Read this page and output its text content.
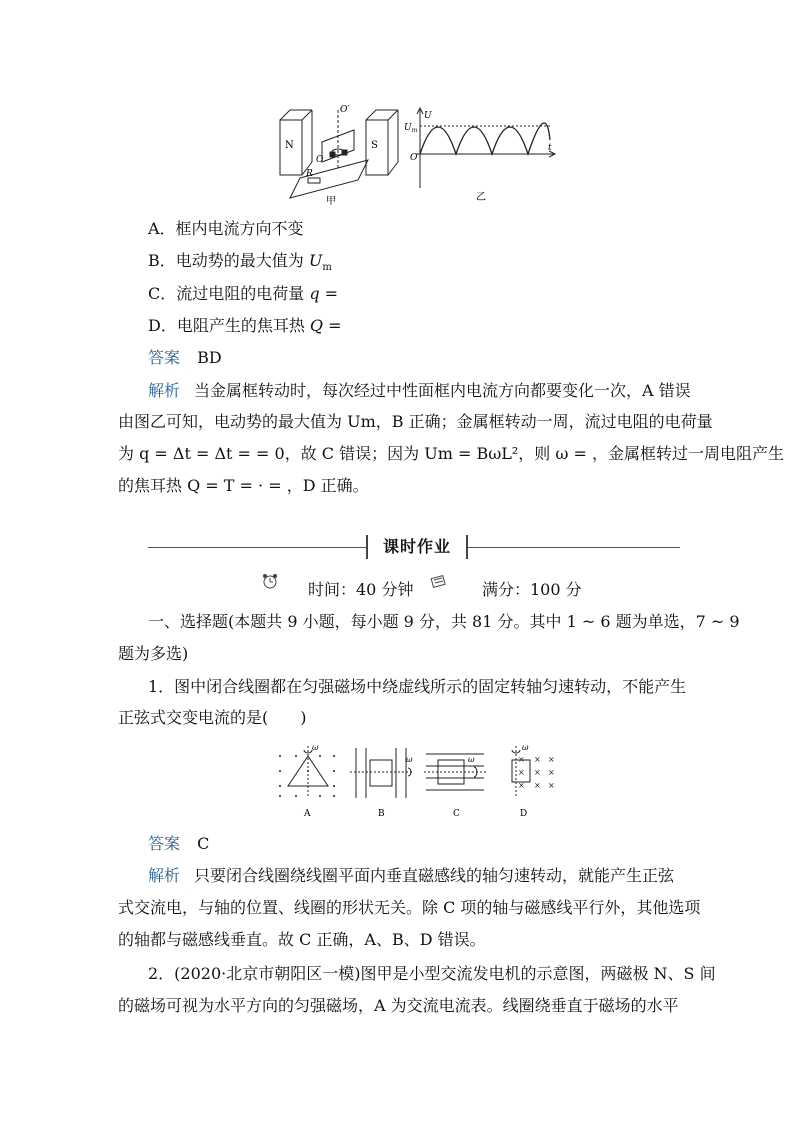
N	S
O′
O
R
甲
$U_m$
U
O
t
乙
A．框内电流方向不变
B．电动势的最大值为 $U_m$
C．流过电阻的电荷量 q =
D．电阻产生的焦耳热 Q =
答案 BD
解析 当金属框转动时，每次经过中性面框内电流方向都要变化一次，A 错误
由图乙可知，电动势的最大值为 Um，B 正确；金属框转动一周，流过电阻的电荷量
为 q = Δt = Δt = = 0，故 C 错误；因为 Um = BωL²，则 ω = ，金属框转过一周电阻产生
的焦耳热 Q = T = · = ，D 正确。
课时作业
时间：40 分钟	满分：100 分
一、选择题(本题共 9 小题，每小题 9 分，共 81 分。其中 1 ~ 6 题为单选，7 ~ 9
题为多选)
1．图中闭合线圈都在匀强磁场中绕虚线所示的固定转轴匀速转动，不能产生
正弦式交变电流的是(　　)
ω
A
ω
B
ω
C
× × ×
× × ×
× × ×
ω
D
答案 C
解析 只要闭合线圈绕线圈平面内垂直磁感线的轴匀速转动，就能产生正弦
式交流电，与轴的位置、线圈的形状无关。除 C 项的轴与磁感线平行外，其他选项
的轴都与磁感线垂直。故 C 正确，A、B、D 错误。
2．(2020·北京市朝阳区一模)图甲是小型交流发电机的示意图，两磁极 N、S 间
的磁场可视为水平方向的匀强磁场，A 为交流电流表。线圈绕垂直于磁场的水平
